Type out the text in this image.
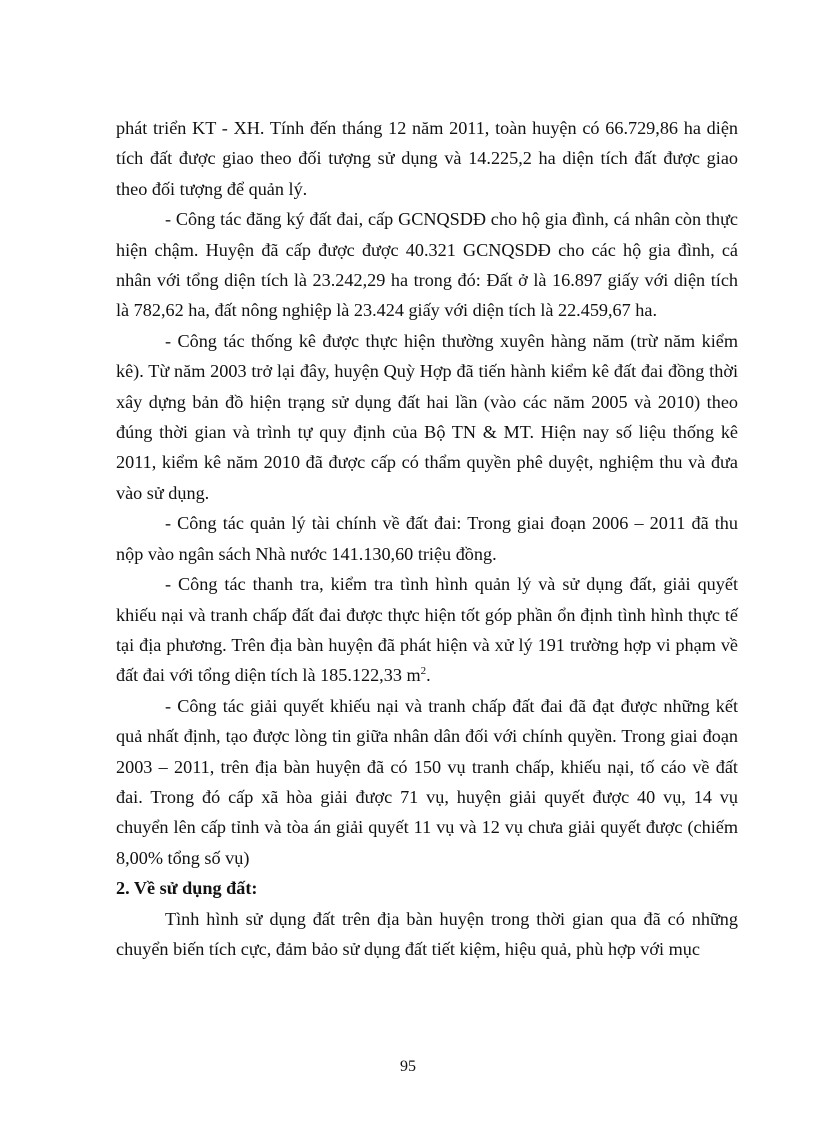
phát triển KT - XH. Tính đến tháng 12 năm 2011, toàn huyện có 66.729,86 ha diện tích đất được giao theo đối tượng sử dụng và 14.225,2 ha diện tích đất được giao theo đối tượng để quản lý.

- Công tác đăng ký đất đai, cấp GCNQSDĐ cho hộ gia đình, cá nhân còn thực hiện chậm. Huyện đã cấp được được 40.321 GCNQSDĐ cho các hộ gia đình, cá nhân với tổng diện tích là 23.242,29 ha trong đó: Đất ở là 16.897 giấy với diện tích là 782,62 ha, đất nông nghiệp là 23.424 giấy với diện tích là 22.459,67 ha.

- Công tác thống kê được thực hiện thường xuyên hàng năm (trừ năm kiểm kê). Từ năm 2003 trở lại đây, huyện Quỳ Hợp đã tiến hành kiểm kê đất đai đồng thời xây dựng bản đồ hiện trạng sử dụng đất hai lần (vào các năm 2005 và 2010) theo đúng thời gian và trình tự quy định của Bộ TN & MT. Hiện nay số liệu thống kê 2011, kiểm kê năm 2010 đã được cấp có thẩm quyền phê duyệt, nghiệm thu và đưa vào sử dụng.

- Công tác quản lý tài chính về đất đai: Trong giai đoạn 2006 – 2011 đã thu nộp vào ngân sách Nhà nước 141.130,60 triệu đồng.

- Công tác thanh tra, kiểm tra tình hình quản lý và sử dụng đất, giải quyết khiếu nại và tranh chấp đất đai được thực hiện tốt góp phần ổn định tình hình thực tế tại địa phương. Trên địa bàn huyện đã phát hiện và xử lý 191 trường hợp vi phạm về đất đai với tổng diện tích là 185.122,33 $m^2$.

- Công tác giải quyết khiếu nại và tranh chấp đất đai đã đạt được những kết quả nhất định, tạo được lòng tin giữa nhân dân đối với chính quyền. Trong giai đoạn 2003 – 2011, trên địa bàn huyện đã có 150 vụ tranh chấp, khiếu nại, tố cáo về đất đai. Trong đó cấp xã hòa giải được 71 vụ, huyện giải quyết được 40 vụ, 14 vụ chuyển lên cấp tỉnh và tòa án giải quyết 11 vụ và 12 vụ chưa giải quyết được (chiếm 8,00% tổng số vụ)

2. Về sử dụng đất:

Tình hình sử dụng đất trên địa bàn huyện trong thời gian qua đã có những chuyển biến tích cực, đảm bảo sử dụng đất tiết kiệm, hiệu quả, phù hợp với mục

95
